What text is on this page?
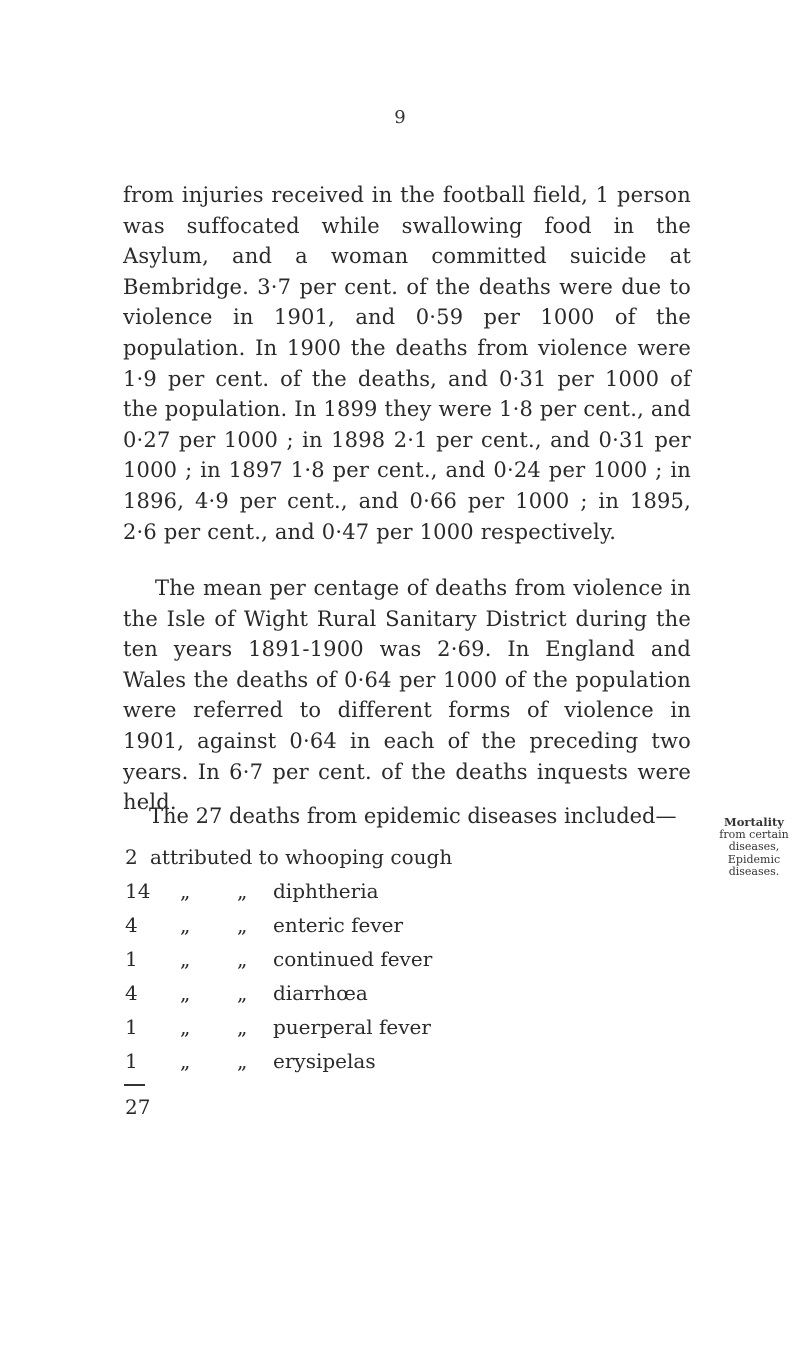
9

from injuries received in the football field, 1 person was suffocated while swallowing food in the Asylum, and a woman committed suicide at Bembridge. 3·7 per cent. of the deaths were due to violence in 1901, and 0·59 per 1000 of the population. In 1900 the deaths from violence were 1·9 per cent. of the deaths, and 0·31 per 1000 of the population. In 1899 they were 1·8 per cent., and 0·27 per 1000 ; in 1898 2·1 per cent., and 0·31 per 1000 ; in 1897 1·8 per cent., and 0·24 per 1000 ; in 1896, 4·9 per cent., and 0·66 per 1000 ; in 1895, 2·6 per cent., and 0·47 per 1000 respectively.

The mean per centage of deaths from violence in the Isle of Wight Rural Sanitary District during the ten years 1891-1900 was 2·69. In England and Wales the deaths of 0·64 per 1000 of the population were referred to different forms of violence in 1901, against 0·64 in each of the preceding two years. In 6·7 per cent. of the deaths inquests were held.

The 27 deaths from epidemic diseases included—
2 attributed to whooping cough
14	„ „ diphtheria
4	„ „ enteric fever
1	„ „ continued fever
4	„ „ diarrhœa
1	„ „ puerperal fever
1	„ „ erysipelas
27
Mortality
from certain
diseases,
Epidemic
diseases.
